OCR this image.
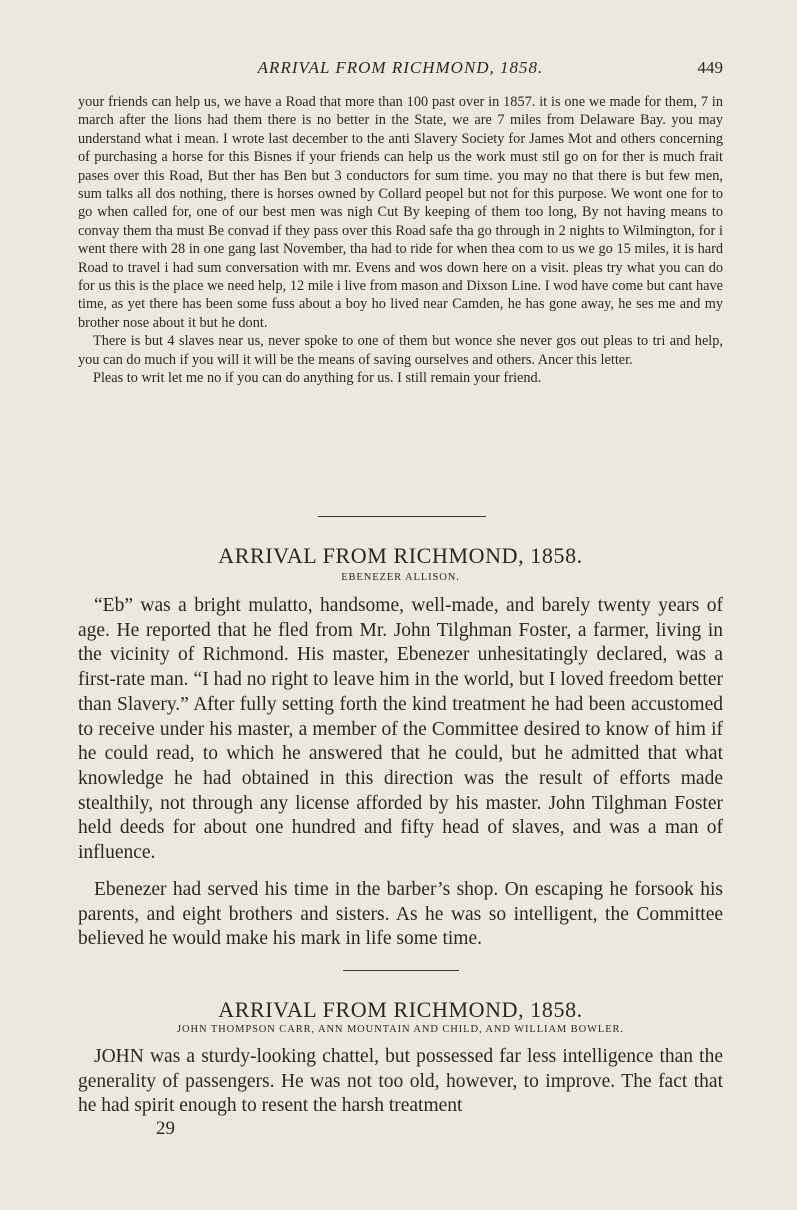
ARRIVAL FROM RICHMOND, 1858.	449

your friends can help us, we have a Road that more than 100 past over in 1857. it is one we made for them, 7 in march after the lions had them there is no better in the State, we are 7 miles from Delaware Bay. you may understand what i mean. I wrote last december to the anti Slavery Society for James Mot and others concerning of purchasing a horse for this Bisnes if your friends can help us the work must stil go on for ther is much frait pases over this Road, But ther has Ben but 3 conductors for sum time. you may no that there is but few men, sum talks all dos nothing, there is horses owned by Collard peopel but not for this purpose. We wont one for to go when called for, one of our best men was nigh Cut By keeping of them too long, By not having means to convay them tha must Be convad if they pass over this Road safe tha go through in 2 nights to Wilmington, for i went there with 28 in one gang last November, tha had to ride for when thea com to us we go 15 miles, it is hard Road to travel i had sum conversation with mr. Evens and wos down here on a visit. pleas try what you can do for us this is the place we need help, 12 mile i live from mason and Dixson Line. I wod have come but cant have time, as yet there has been some fuss about a boy ho lived near Camden, he has gone away, he ses me and my brother nose about it but he dont.

There is but 4 slaves near us, never spoke to one of them but wonce she never gos out pleas to tri and help, you can do much if you will it will be the means of saving ourselves and others. Ancer this letter.

Pleas to writ let me no if you can do anything for us. I still remain your friend.

ARRIVAL FROM RICHMOND, 1858.
EBENEZER ALLISON.

“Eb” was a bright mulatto, handsome, well-made, and barely twenty years of age. He reported that he fled from Mr. John Tilghman Foster, a farmer, living in the vicinity of Richmond. His master, Ebenezer unhesitatingly declared, was a first-rate man. “I had no right to leave him in the world, but I loved freedom better than Slavery.” After fully setting forth the kind treatment he had been accustomed to receive under his master, a member of the Committee desired to know of him if he could read, to which he answered that he could, but he admitted that what knowledge he had obtained in this direction was the result of efforts made stealthily, not through any license afforded by his master. John Tilghman Foster held deeds for about one hundred and fifty head of slaves, and was a man of influence.

Ebenezer had served his time in the barber’s shop. On escaping he forsook his parents, and eight brothers and sisters. As he was so intelligent, the Committee believed he would make his mark in life some time.

ARRIVAL FROM RICHMOND, 1858.
JOHN THOMPSON CARR, ANN MOUNTAIN AND CHILD, AND WILLIAM BOWLER.

JOHN was a sturdy-looking chattel, but possessed far less intelligence than the generality of passengers. He was not too old, however, to improve. The fact that he had spirit enough to resent the harsh treatment

29
